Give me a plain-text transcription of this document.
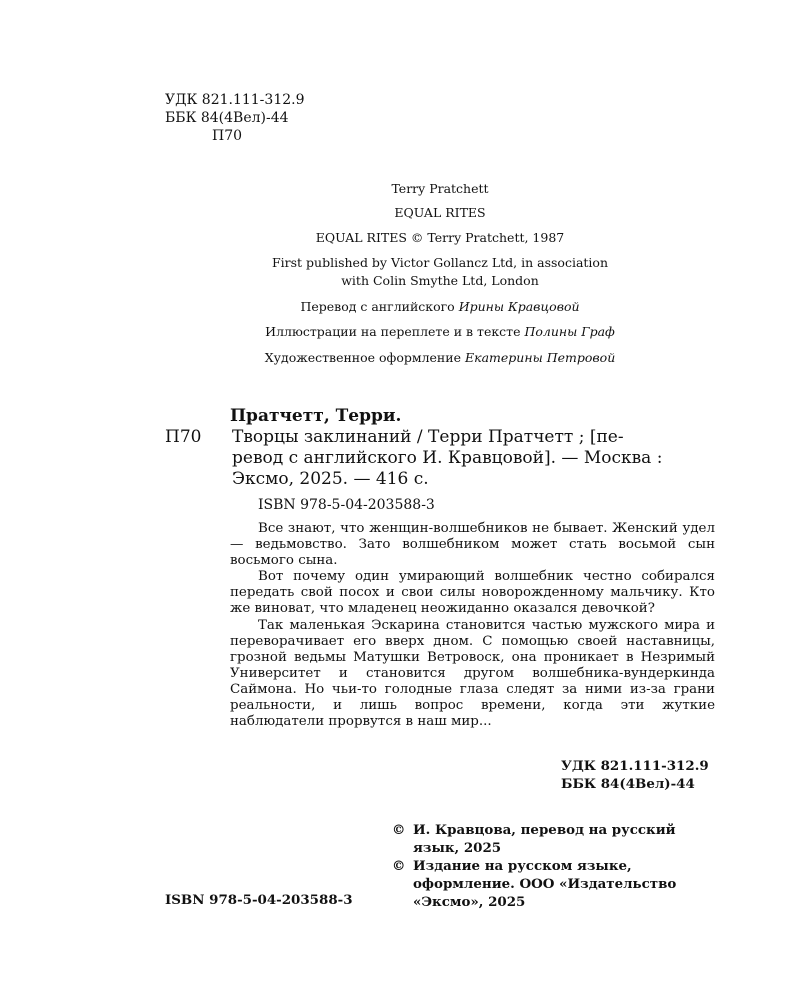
УДК 821.111-312.9
ББК 84(4Вел)-44
П70
Terry Pratchett
EQUAL RITES
EQUAL RITES © Terry Pratchett, 1987
First published by Victor Gollancz Ltd, in association
with Colin Smythe Ltd, London
Перевод с английского Ирины Кравцовой
Иллюстрации на переплете и в тексте Полины Граф
Художественное оформление Екатерины Петровой
Пратчетт, Терри.
П70 Творцы заклинаний / Терри Пратчетт ; [пе-
ревод с английского И. Кравцовой]. — Москва :
Эксмо, 2025. — 416 с.
ISBN 978-5-04-203588-3

Все знают, что женщин-волшебников не бывает. Женский удел — ведьмовство. Зато волшебником может стать восьмой сын восьмого сына.

Вот почему один умирающий волшебник честно собирался передать свой посох и свои силы новорожденному мальчику. Кто же виноват, что младенец неожиданно оказался девочкой?

Так маленькая Эскарина становится частью мужского мира и переворачивает его вверх дном. С помощью своей наставницы, грозной ведьмы Матушки Ветровоск, она проникает в Незримый Университет и становится другом волшебника-вундеркинда Саймона. Но чьи-то голодные глаза следят за ними из-за грани реальности, и лишь вопрос времени, когда эти жуткие наблюдатели прорвутся в наш мир...

УДК 821.111-312.9
ББК 84(4Вел)-44
© И. Кравцова, перевод на русский
язык, 2025
© Издание на русском языке,
оформление. ООО «Издательство
«Эксмо», 2025
ISBN 978-5-04-203588-3
